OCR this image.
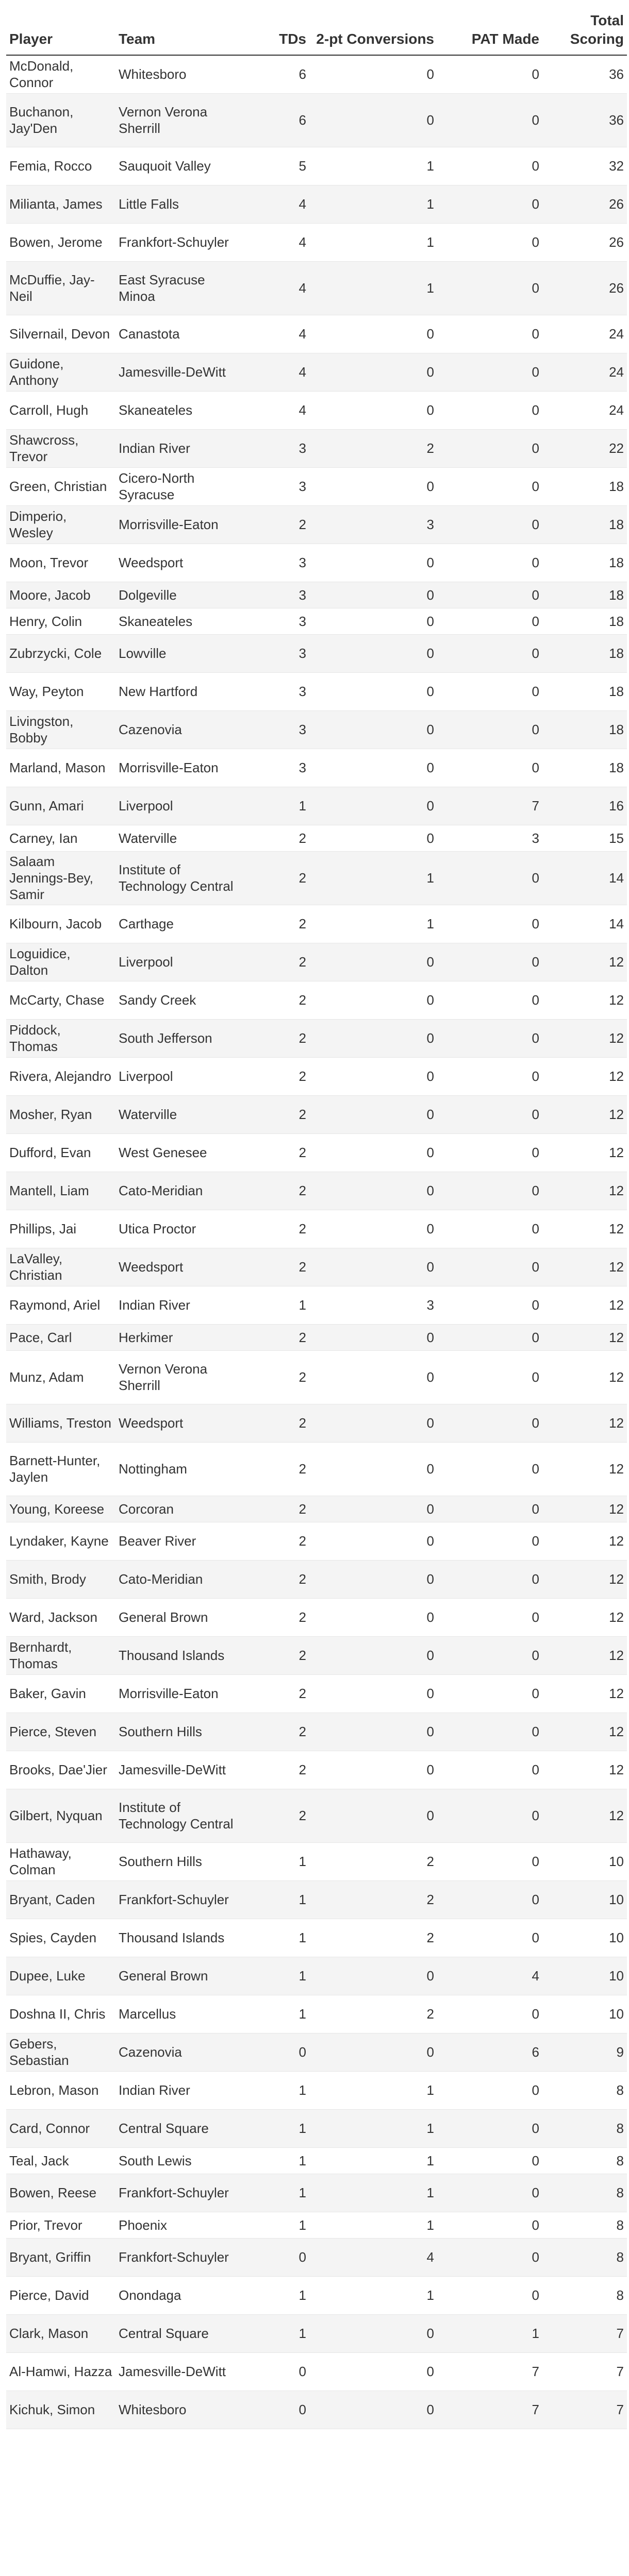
Player	Team	TDs	2-pt Conversions	PAT Made	Total Scoring
McDonald, Connor	Whitesboro	6	0	0	36
Buchanon, Jay'Den	Vernon Verona Sherrill	6	0	0	36
Femia, Rocco	Sauquoit Valley	5	1	0	32
Milianta, James	Little Falls	4	1	0	26
Bowen, Jerome	Frankfort-Schuyler	4	1	0	26
McDuffie, Jay-Neil	East Syracuse Minoa	4	1	0	26
Silvernail, Devon	Canastota	4	0	0	24
Guidone, Anthony	Jamesville-DeWitt	4	0	0	24
Carroll, Hugh	Skaneateles	4	0	0	24
Shawcross, Trevor	Indian River	3	2	0	22
Green, Christian	Cicero-North Syracuse	3	0	0	18
Dimperio, Wesley	Morrisville-Eaton	2	3	0	18
Moon, Trevor	Weedsport	3	0	0	18
Moore, Jacob	Dolgeville	3	0	0	18
Henry, Colin	Skaneateles	3	0	0	18
Zubrzycki, Cole	Lowville	3	0	0	18
Way, Peyton	New Hartford	3	0	0	18
Livingston, Bobby	Cazenovia	3	0	0	18
Marland, Mason	Morrisville-Eaton	3	0	0	18
Gunn, Amari	Liverpool	1	0	7	16
Carney, Ian	Waterville	2	0	3	15
Salaam Jennings-Bey, Samir	Institute of Technology Central	2	1	0	14
Kilbourn, Jacob	Carthage	2	1	0	14
Loguidice, Dalton	Liverpool	2	0	0	12
McCarty, Chase	Sandy Creek	2	0	0	12
Piddock, Thomas	South Jefferson	2	0	0	12
Rivera, Alejandro	Liverpool	2	0	0	12
Mosher, Ryan	Waterville	2	0	0	12
Dufford, Evan	West Genesee	2	0	0	12
Mantell, Liam	Cato-Meridian	2	0	0	12
Phillips, Jai	Utica Proctor	2	0	0	12
LaValley, Christian	Weedsport	2	0	0	12
Raymond, Ariel	Indian River	1	3	0	12
Pace, Carl	Herkimer	2	0	0	12
Munz, Adam	Vernon Verona Sherrill	2	0	0	12
Williams, Treston	Weedsport	2	0	0	12
Barnett-Hunter, Jaylen	Nottingham	2	0	0	12
Young, Koreese	Corcoran	2	0	0	12
Lyndaker, Kayne	Beaver River	2	0	0	12
Smith, Brody	Cato-Meridian	2	0	0	12
Ward, Jackson	General Brown	2	0	0	12
Bernhardt, Thomas	Thousand Islands	2	0	0	12
Baker, Gavin	Morrisville-Eaton	2	0	0	12
Pierce, Steven	Southern Hills	2	0	0	12
Brooks, Dae'Jier	Jamesville-DeWitt	2	0	0	12
Gilbert, Nyquan	Institute of Technology Central	2	0	0	12
Hathaway, Colman	Southern Hills	1	2	0	10
Bryant, Caden	Frankfort-Schuyler	1	2	0	10
Spies, Cayden	Thousand Islands	1	2	0	10
Dupee, Luke	General Brown	1	0	4	10
Doshna II, Chris	Marcellus	1	2	0	10
Gebers, Sebastian	Cazenovia	0	0	6	9
Lebron, Mason	Indian River	1	1	0	8
Card, Connor	Central Square	1	1	0	8
Teal, Jack	South Lewis	1	1	0	8
Bowen, Reese	Frankfort-Schuyler	1	1	0	8
Prior, Trevor	Phoenix	1	1	0	8
Bryant, Griffin	Frankfort-Schuyler	0	4	0	8
Pierce, David	Onondaga	1	1	0	8
Clark, Mason	Central Square	1	0	1	7
Al-Hamwi, Hazza	Jamesville-DeWitt	0	0	7	7
Kichuk, Simon	Whitesboro	0	0	7	7
